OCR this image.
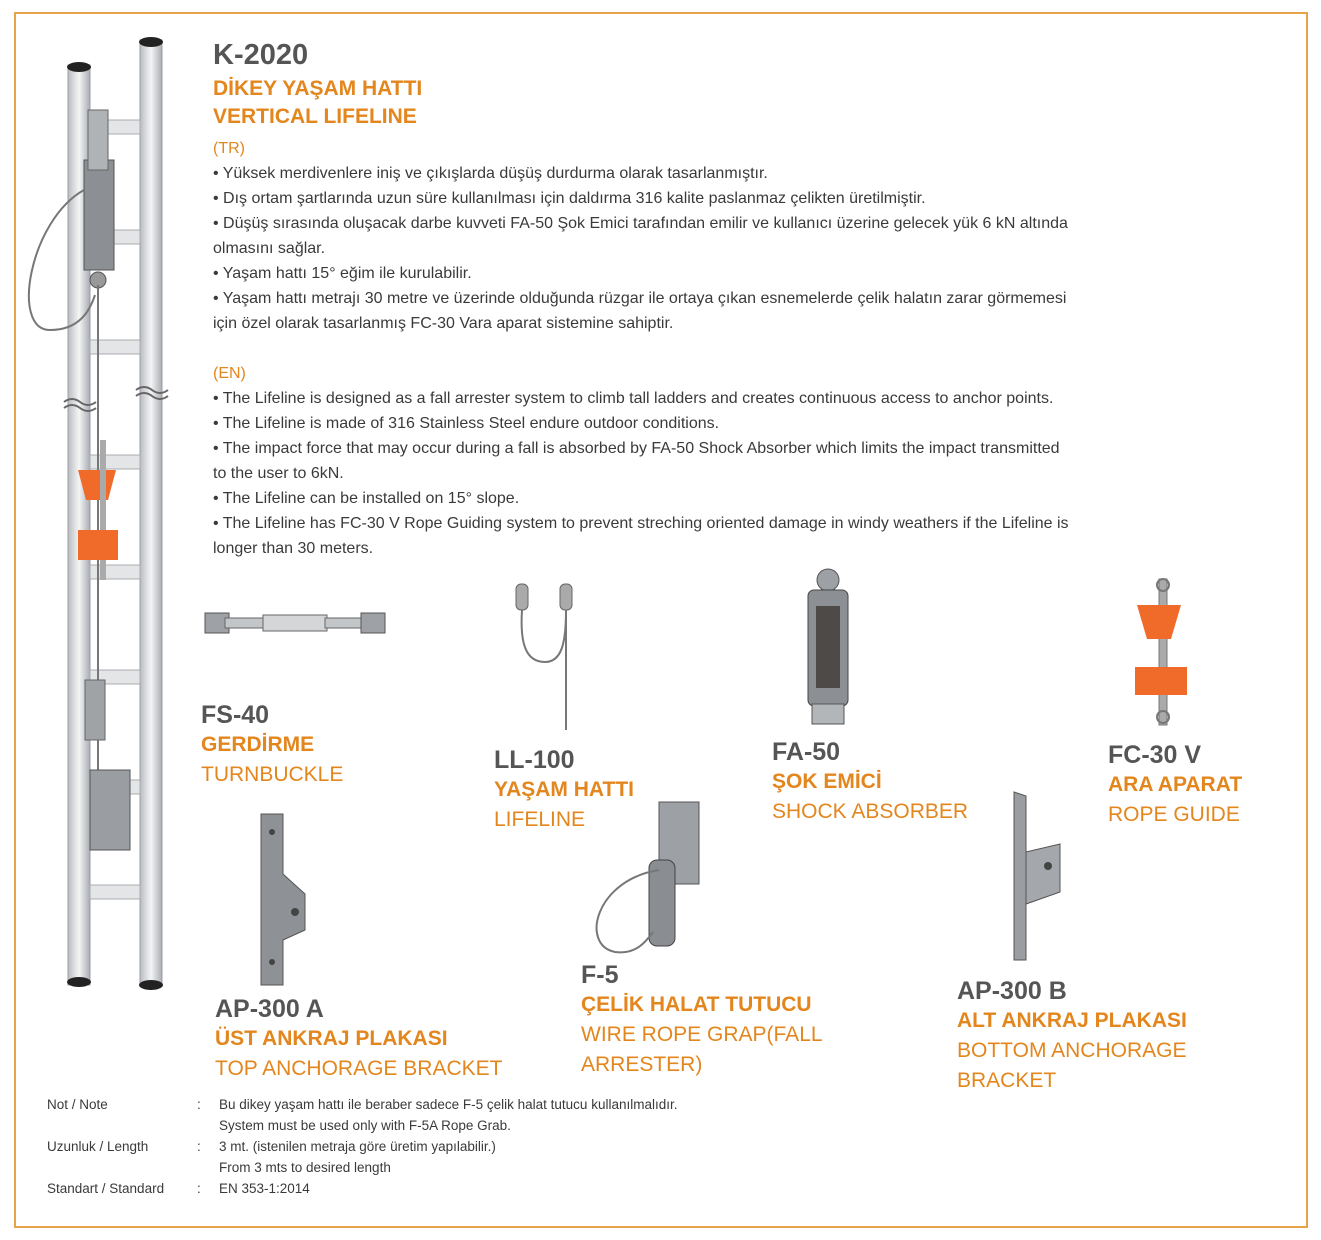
K-2020
DİKEY YAŞAM HATTI
VERTICAL LIFELINE
(TR)

• Yüksek merdivenlere iniş ve çıkışlarda düşüş durdurma olarak tasarlanmıştır.

• Dış ortam şartlarında uzun süre kullanılması için daldırma 316 kalite paslanmaz çelikten üretilmiştir.

• Düşüş sırasında oluşacak darbe kuvveti FA-50 Şok Emici tarafından emilir ve kullanıcı üzerine gelecek yük 6 kN altında

olmasını sağlar.

• Yaşam hattı 15° eğim ile kurulabilir.

• Yaşam hattı metrajı 30 metre ve üzerinde olduğunda rüzgar ile ortaya çıkan esnemelerde çelik halatın zarar görmemesi

için özel olarak tasarlanmış FC-30 Vara aparat sistemine sahiptir.

(EN)

• The Lifeline is designed as a fall arrester system to climb tall ladders and creates continuous access to anchor points.

• The Lifeline is made of 316 Stainless Steel endure outdoor conditions.

• The impact force that may occur during a fall is absorbed by FA-50 Shock Absorber which limits the impact transmitted

to the user to 6kN.

• The Lifeline can be installed on 15° slope.

• The Lifeline has FC-30 V Rope Guiding system to prevent streching oriented damage in windy weathers if the Lifeline is

longer than 30 meters.

FS-40
GERDİRME
TURNBUCKLE
LL-100
YAŞAM HATTI
LIFELINE
FA-50
ŞOK EMİCİ
SHOCK ABSORBER
FC-30 V
ARA APARAT
ROPE GUIDE
AP-300 A
ÜST ANKRAJ PLAKASI
TOP ANCHORAGE BRACKET
F-5
ÇELİK HALAT TUTUCU
WIRE ROPE GRAP(FALL
ARRESTER)
AP-300 B
ALT ANKRAJ PLAKASI
BOTTOM ANCHORAGE
BRACKET
Not / Note	: Bu dikey yaşam hattı ile beraber sadece F-5 çelik halat tutucu kullanılmalıdır.
System must be used only with F-5A Rope Grab.
Uzunluk / Length	: 3 mt. (istenilen metraja göre üretim yapılabilir.)
From 3 mts to desired length
Standart / Standard : EN 353-1:2014
